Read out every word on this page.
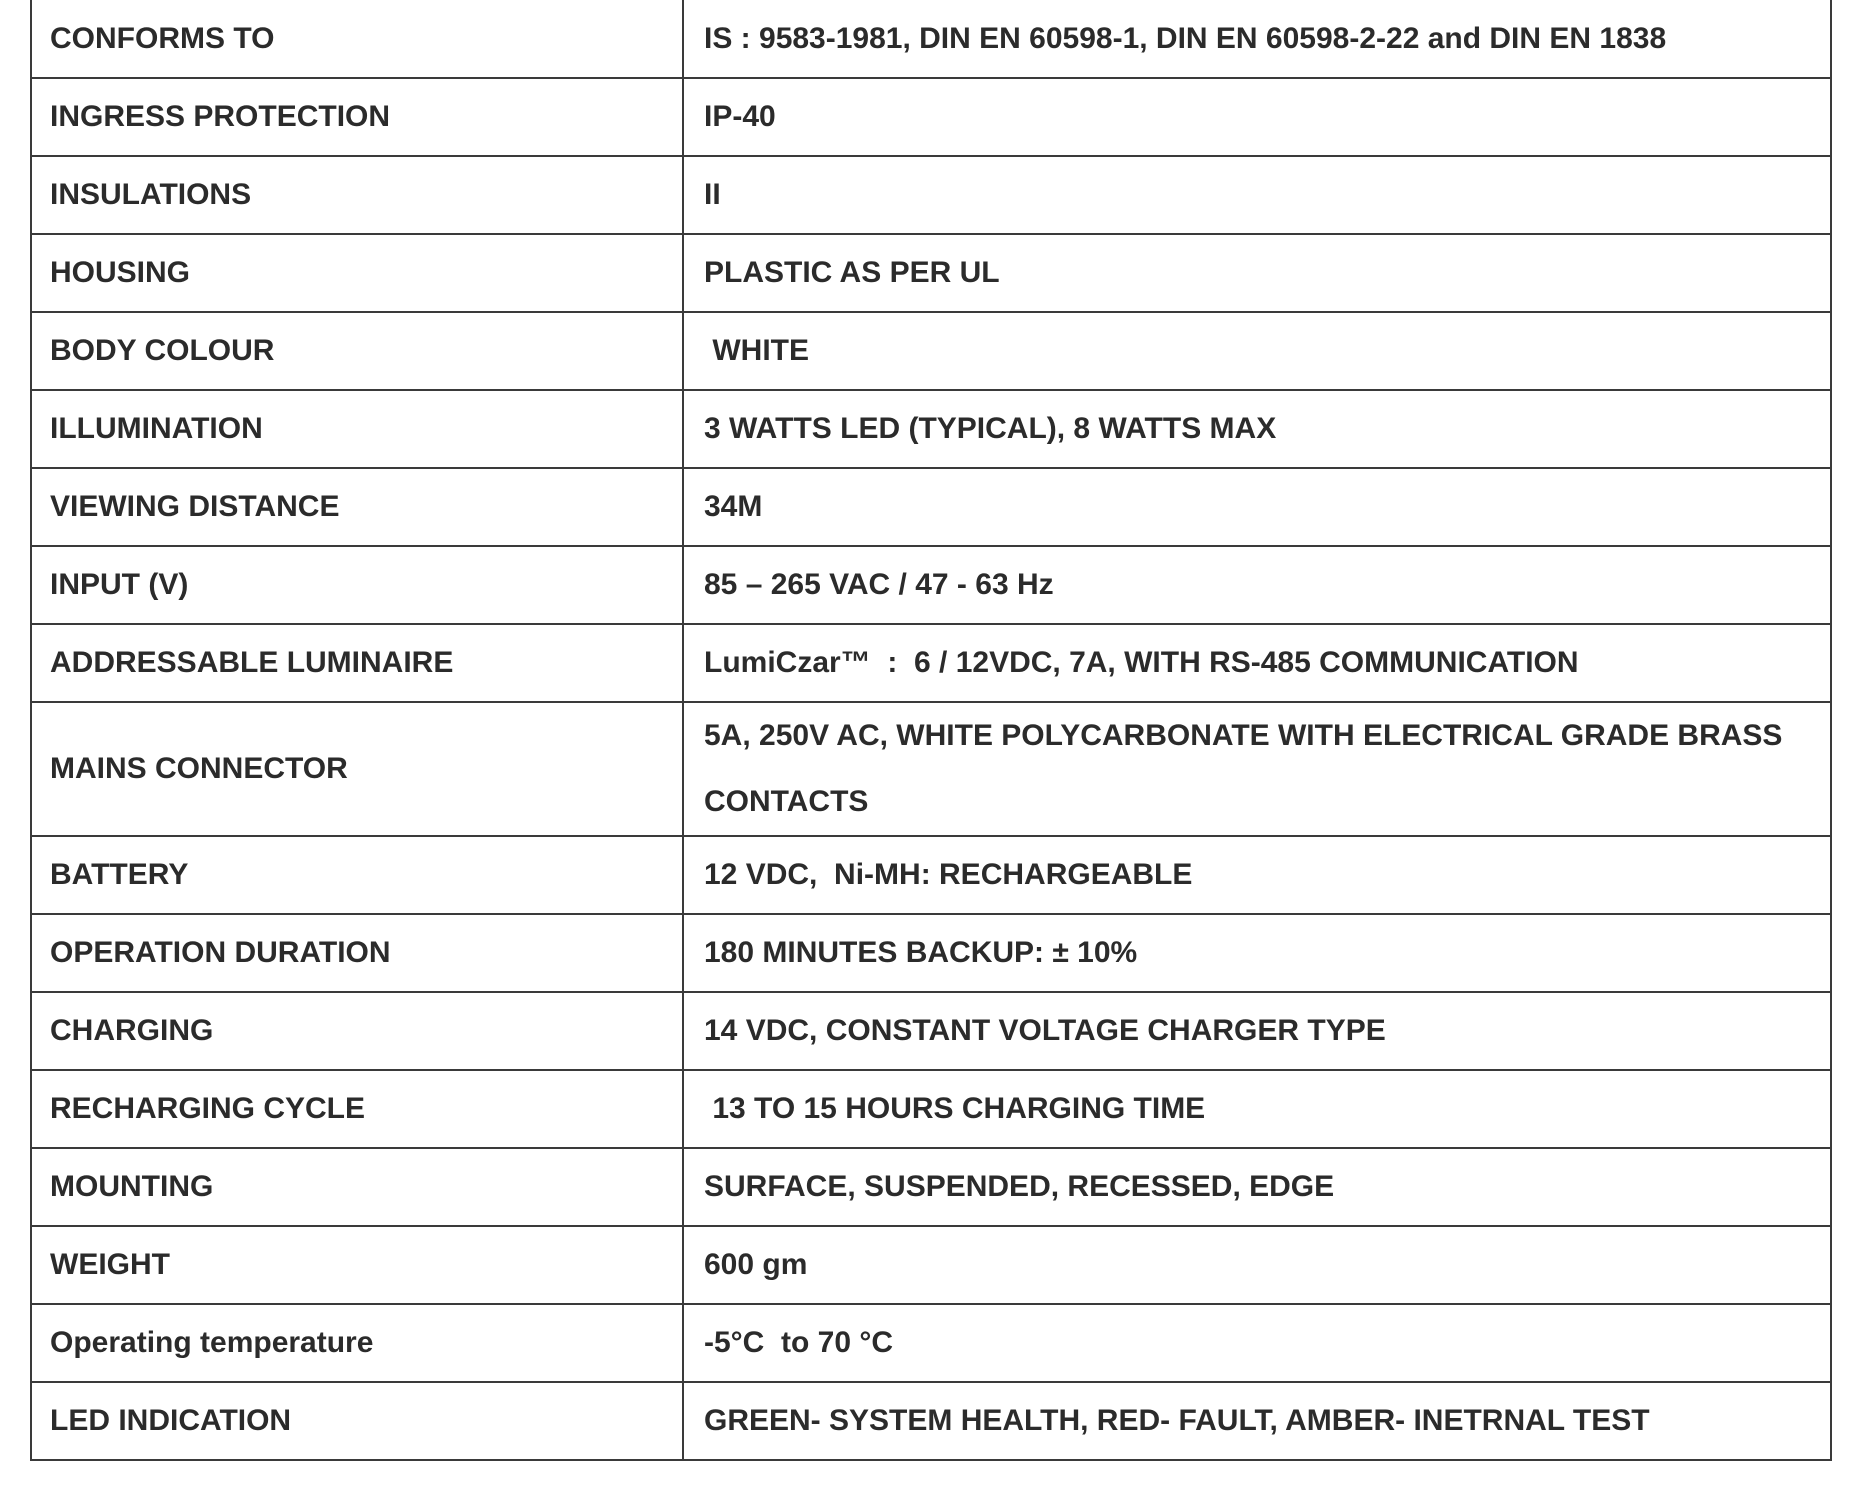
CONFORMS TO	IS : 9583-1981, DIN EN 60598-1, DIN EN 60598-2-22 and DIN EN 1838
INGRESS PROTECTION	IP-40
INSULATIONS	II
HOUSING	PLASTIC AS PER UL
BODY COLOUR	WHITE
ILLUMINATION	3 WATTS LED (TYPICAL), 8 WATTS MAX
VIEWING DISTANCE	34M
INPUT (V)	85 – 265 VAC / 47 - 63 Hz
ADDRESSABLE LUMINAIRE	LumiCzar™  :  6 / 12VDC, 7A, WITH RS-485 COMMUNICATION
MAINS CONNECTOR	5A, 250V AC, WHITE POLYCARBONATE WITH ELECTRICAL GRADE BRASS CONTACTS
BATTERY	12 VDC,  Ni-MH: RECHARGEABLE
OPERATION DURATION	180 MINUTES BACKUP: ± 10%
CHARGING	14 VDC, CONSTANT VOLTAGE CHARGER TYPE
RECHARGING CYCLE	13 TO 15 HOURS CHARGING TIME
MOUNTING	SURFACE, SUSPENDED, RECESSED, EDGE
WEIGHT	600 gm
Operating temperature	-5°C  to 70 °C
LED INDICATION	GREEN- SYSTEM HEALTH, RED- FAULT, AMBER- INETRNAL TEST
